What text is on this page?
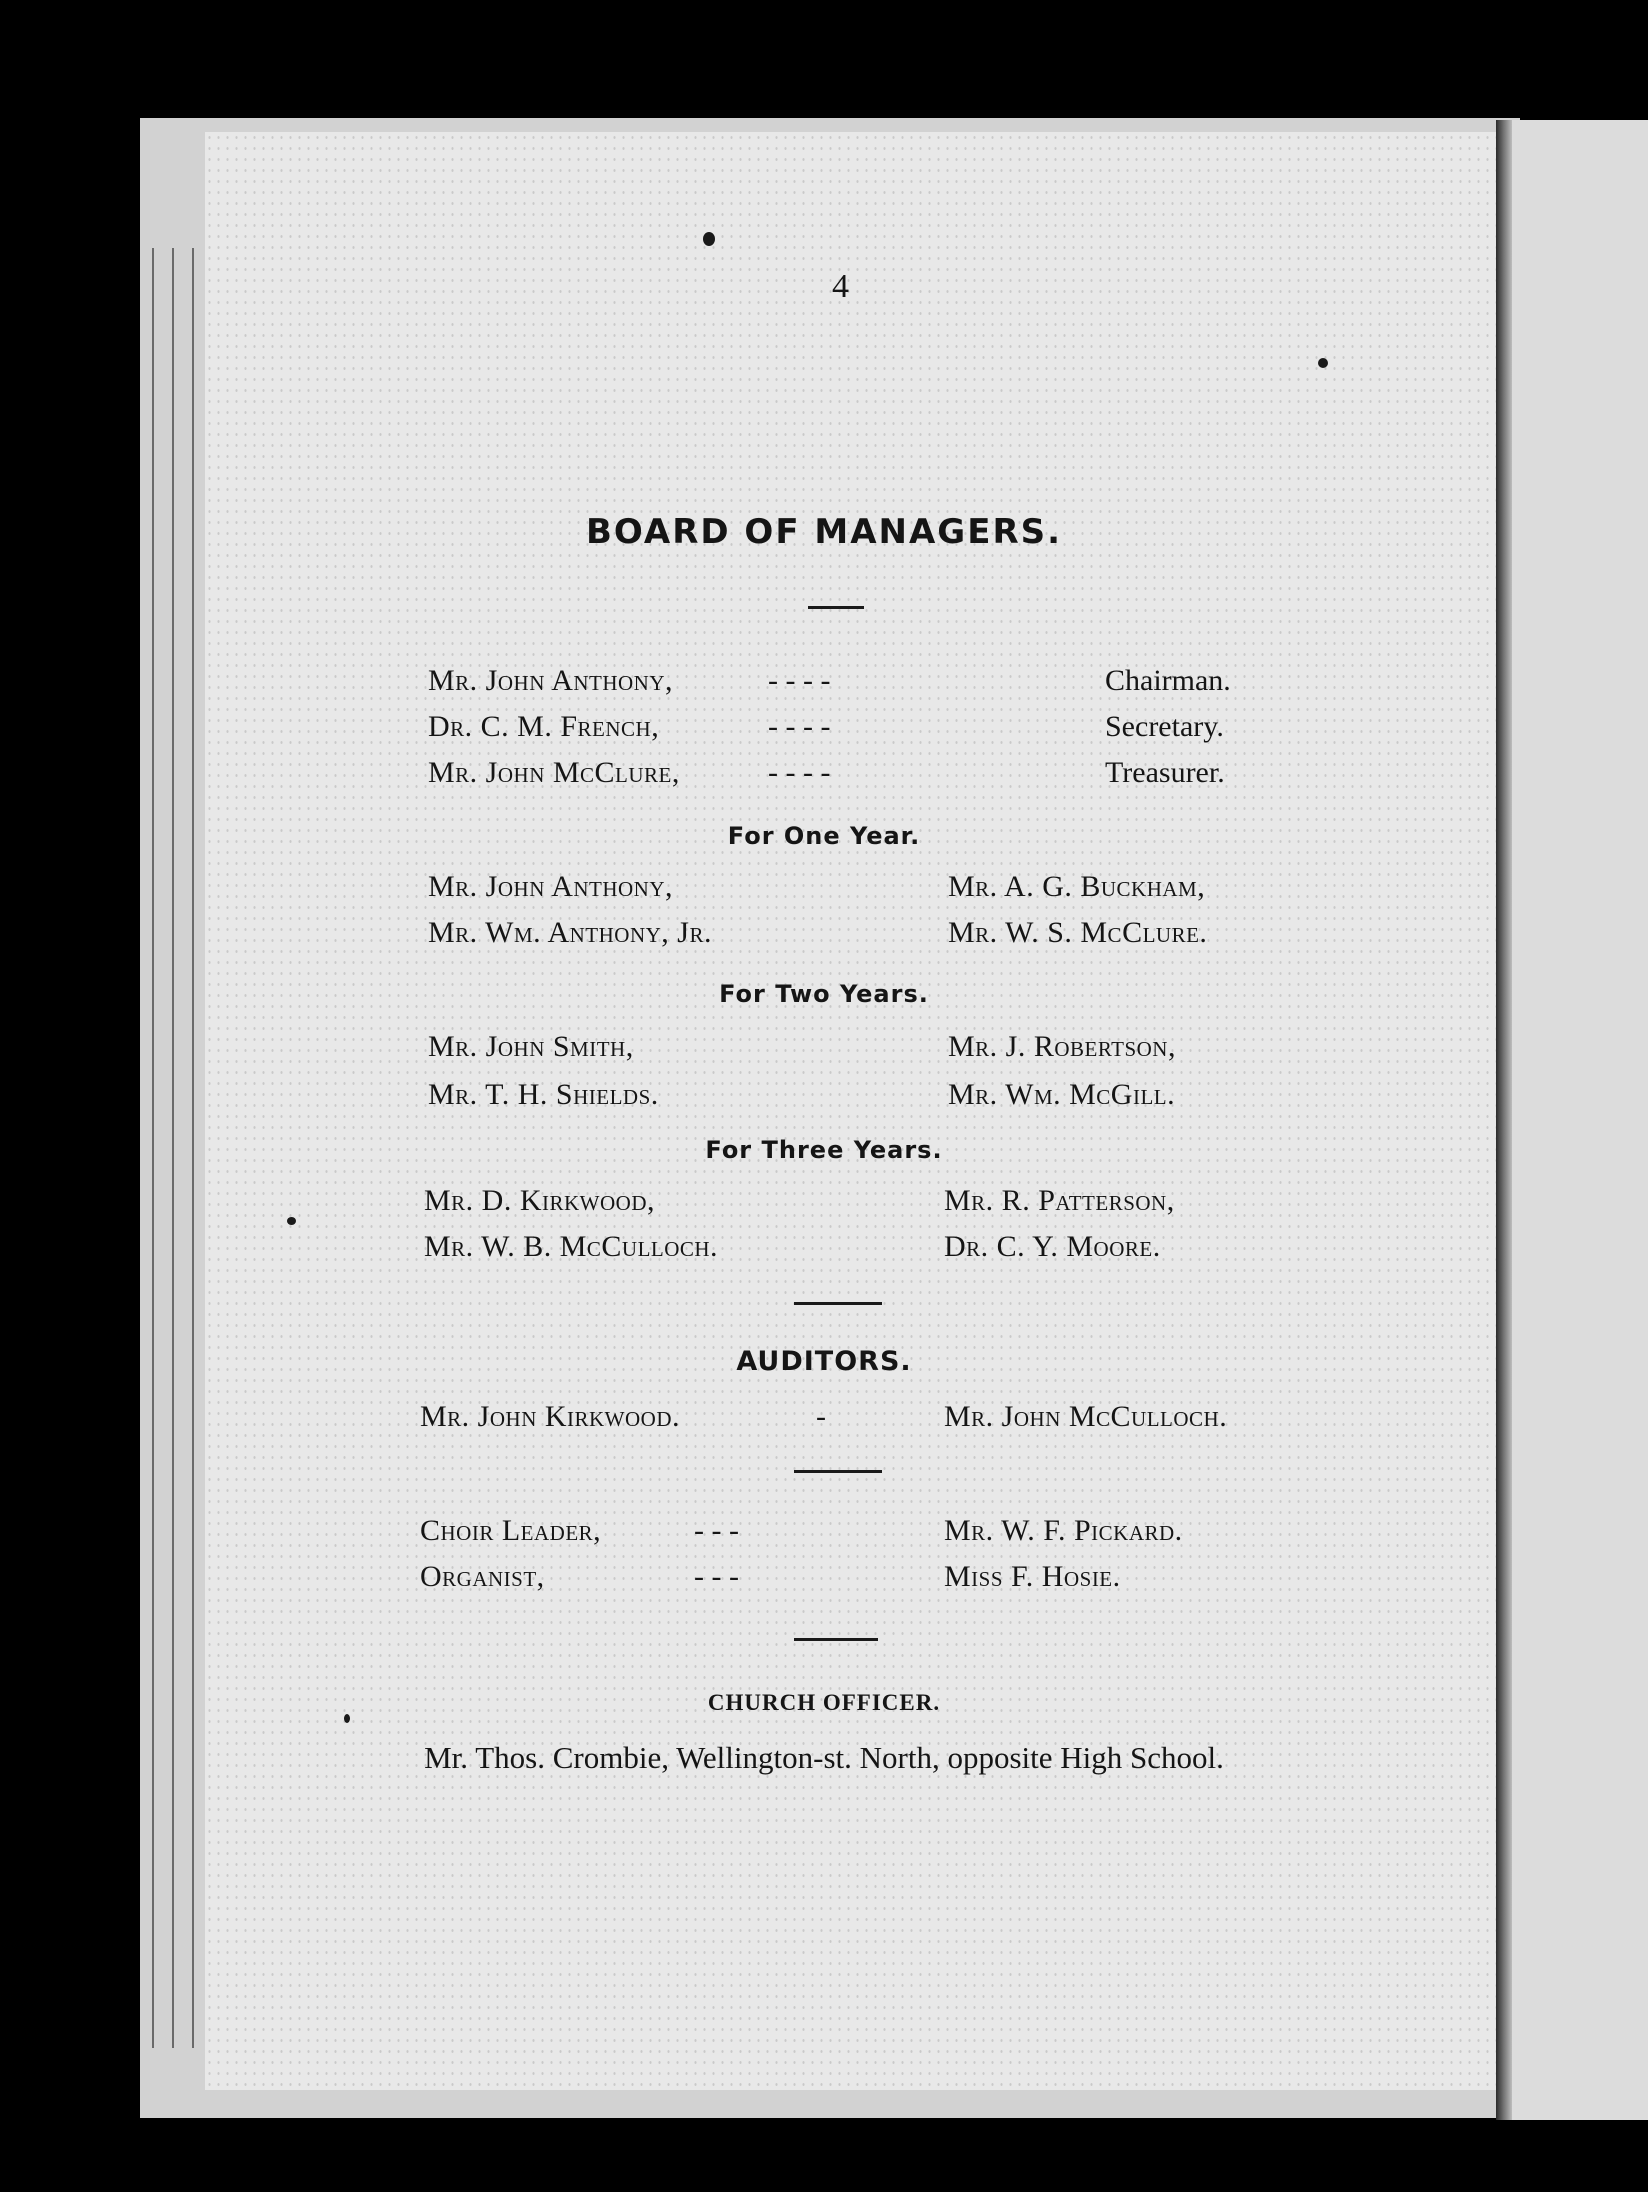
4
BOARD OF MANAGERS.
Mr. John Anthony,	- - - -	Chairman.
Dr. C. M. French,	- - - -	Secretary.
Mr. John McClure,	- - - -	Treasurer.
For One Year.
Mr. John Anthony,	Mr. A. G. Buckham,
Mr. Wm. Anthony, Jr.	Mr. W. S. McClure.
For Two Years.
Mr. John Smith,	Mr. J. Robertson,
Mr. T. H. Shields.	Mr. Wm. McGill.
For Three Years.
Mr. D. Kirkwood,	Mr. R. Patterson,
Mr. W. B. McCulloch.	Dr. C. Y. Moore.
AUDITORS.
Mr. John Kirkwood.	-	Mr. John McCulloch.
Choir Leader,	- - -	Mr. W. F. Pickard.
Organist,	- - -	Miss F. Hosie.
CHURCH OFFICER.
Mr. Thos. Crombie, Wellington-st. North, opposite High School.
